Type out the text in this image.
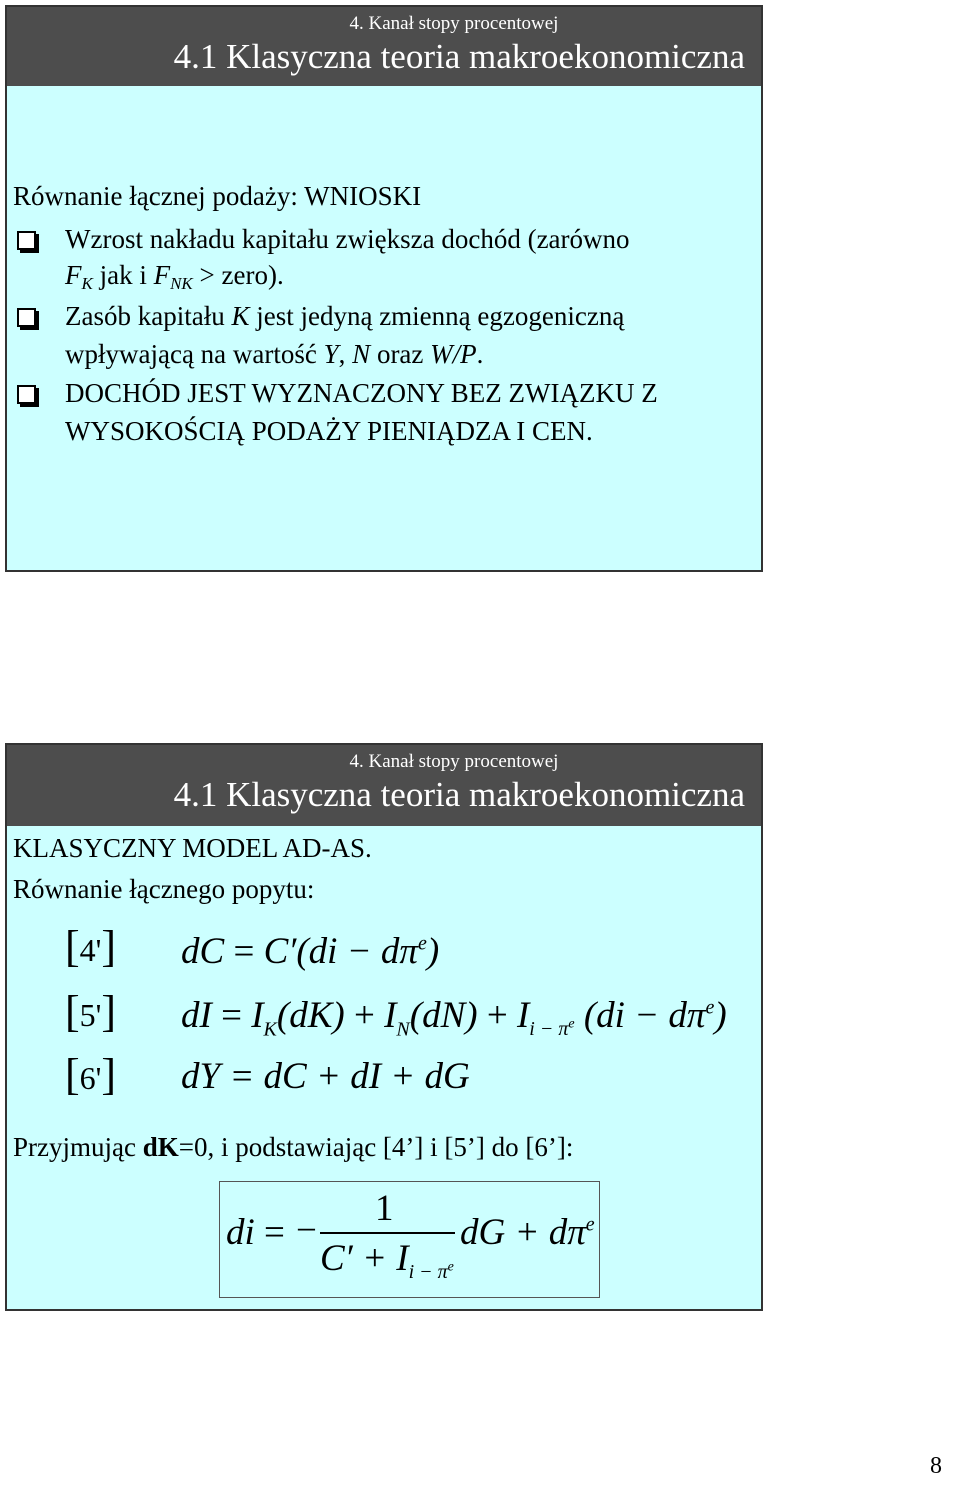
4. Kanał stopy procentowej
4.1 Klasyczna teoria makroekonomiczna
Równanie łącznej podaży: WNIOSKI
Wzrost nakładu kapitału zwiększa dochód (zarówno
$F_K$ jak i $F_{NK}$ > zero).
Zasób kapitału K jest jedyną zmienną egzogeniczną
wpływającą na wartość Y, N oraz W/P.
DOCHÓD JEST WYZNACZONY BEZ ZWIĄZKU Z
WYSOKOŚCIĄ PODAŻY PIENIĄDZA I CEN.
4. Kanał stopy procentowej
4.1 Klasyczna teoria makroekonomiczna
KLASYCZNY MODEL AD-AS.
Równanie łącznego popytu:
[4']
[5']
[6']
dC = $C'(di - d\pi^e)$
dI = $I_K(dK) + I_N(dN) + I_{i - \pi^e}$ $(di - d\pi^e)$
dY = dC + dI + dG
Przyjmując dK=0, i podstawiając [4’] i [5’] do [6’]:
di = −
1
$C' + I_{i - \pi^e}$
dG + $d\pi^e$
8
